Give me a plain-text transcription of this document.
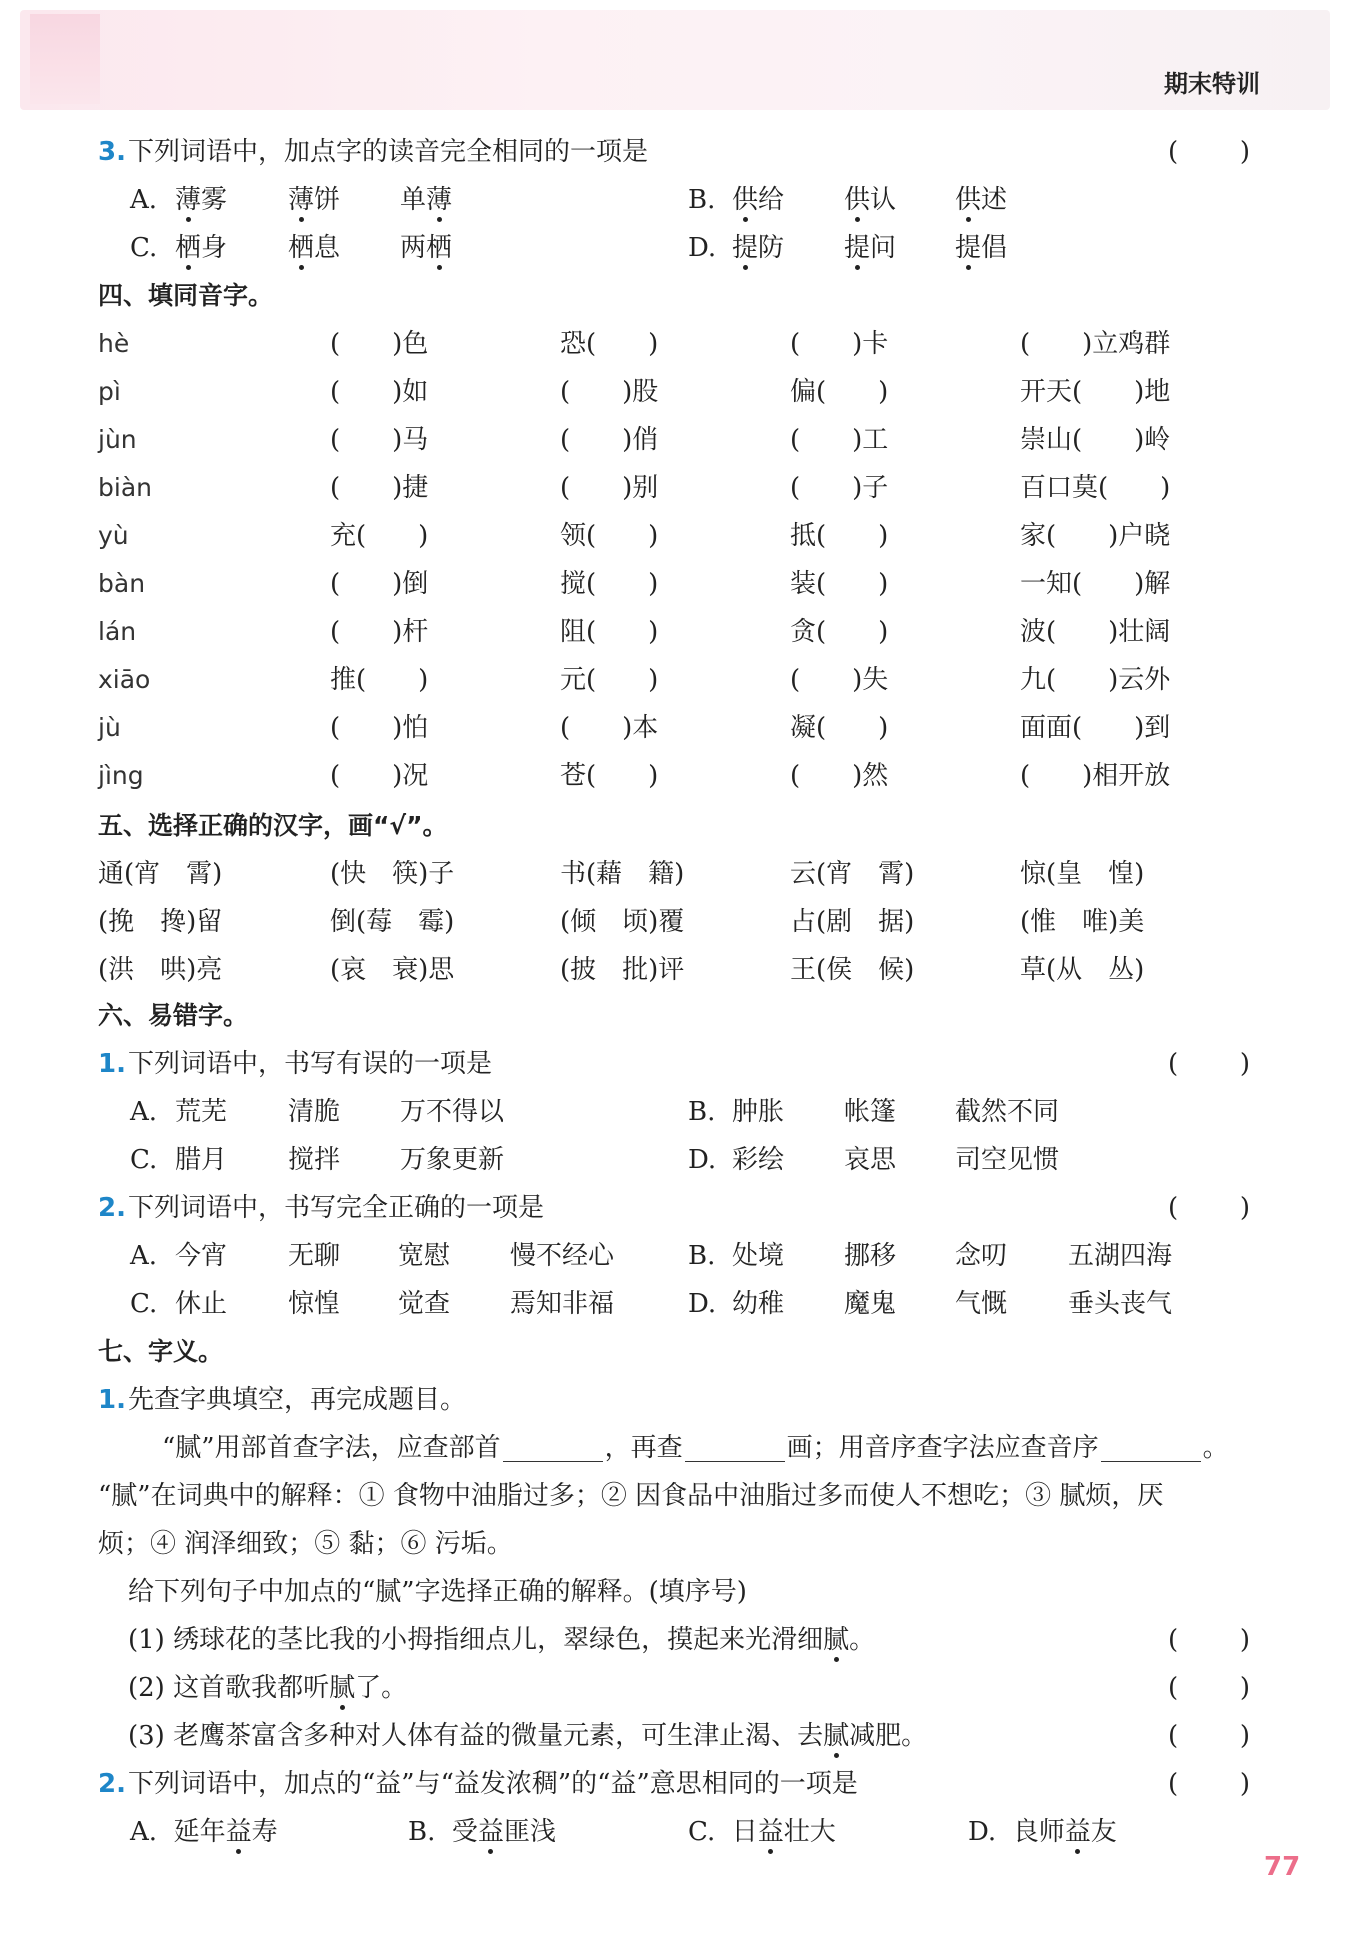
期末特训
3. 下列词语中，加点字的读音完全相同的一项是
A. 薄雾 薄饼 单薄	B. 供给 供认 供述
C. 栖身 栖息 两栖	D. 提防 提问 提倡
四、填同音字。
hè	(　　)色	恐(　　)	(　　)卡	(　　)立鸡群
pì	(　　)如	(　　)股	偏(　　)	开天(　　)地
jùn	(　　)马	(　　)俏	(　　)工	崇山(　　)岭
biàn	(　　)捷	(　　)别	(　　)子	百口莫(　　)
yù	充(　　)	领(　　)	抵(　　)	家(　　)户晓
bàn	(　　)倒	搅(　　)	装(　　)	一知(　　)解
lán	(　　)杆	阻(　　)	贪(　　)	波(　　)壮阔
xiāo	推(　　)	元(　　)	(　　)失	九(　　)云外
jù	(　　)怕	(　　)本	凝(　　)	面面(　　)到
jìng	(　　)况	苍(　　)	(　　)然	(　　)相开放
五、选择正确的汉字，画“√”。
通(宵　霄)	(快　筷)子	书(藉　籍)	云(宵　霄)	惊(皇　惶)
(挽　搀)留	倒(莓　霉)	(倾　顷)覆	占(剧　据)	(惟　唯)美
(洪　哄)亮	(哀　衰)思	(披　批)评	王(侯　候)	草(从　丛)
六、易错字。
1. 下列词语中，书写有误的一项是
A. 荒芜 清脆 万不得以	B. 肿胀 帐篷 截然不同
C. 腊月 搅拌 万象更新	D. 彩绘 哀思 司空见惯
2. 下列词语中，书写完全正确的一项是
A. 今宵 无聊 宽慰 慢不经心	B. 处境 挪移 念叨 五湖四海
C. 休止 惊惶 觉查 焉知非福	D. 幼稚 魔鬼 气慨 垂头丧气
七、字义。
1. 先查字典填空，再完成题目。
“腻”用部首查字法，应查部首	，再查	画；用音序查字法应查音序	。
“腻”在词典中的解释：① 食物中油脂过多；② 因食品中油脂过多而使人不想吃；③ 腻烦，厌
烦；④ 润泽细致；⑤ 黏；⑥ 污垢。
给下列句子中加点的“腻”字选择正确的解释。(填序号)
(1) 绣球花的茎比我的小拇指细点儿，翠绿色，摸起来光滑细腻。
(2) 这首歌我都听腻了。
(3) 老鹰茶富含多种对人体有益的微量元素，可生津止渴、去腻减肥。
2. 下列词语中，加点的“益”与“益发浓稠”的“益”意思相同的一项是
A. 延年益寿	B. 受益匪浅	C. 日益壮大	D. 良师益友
77
